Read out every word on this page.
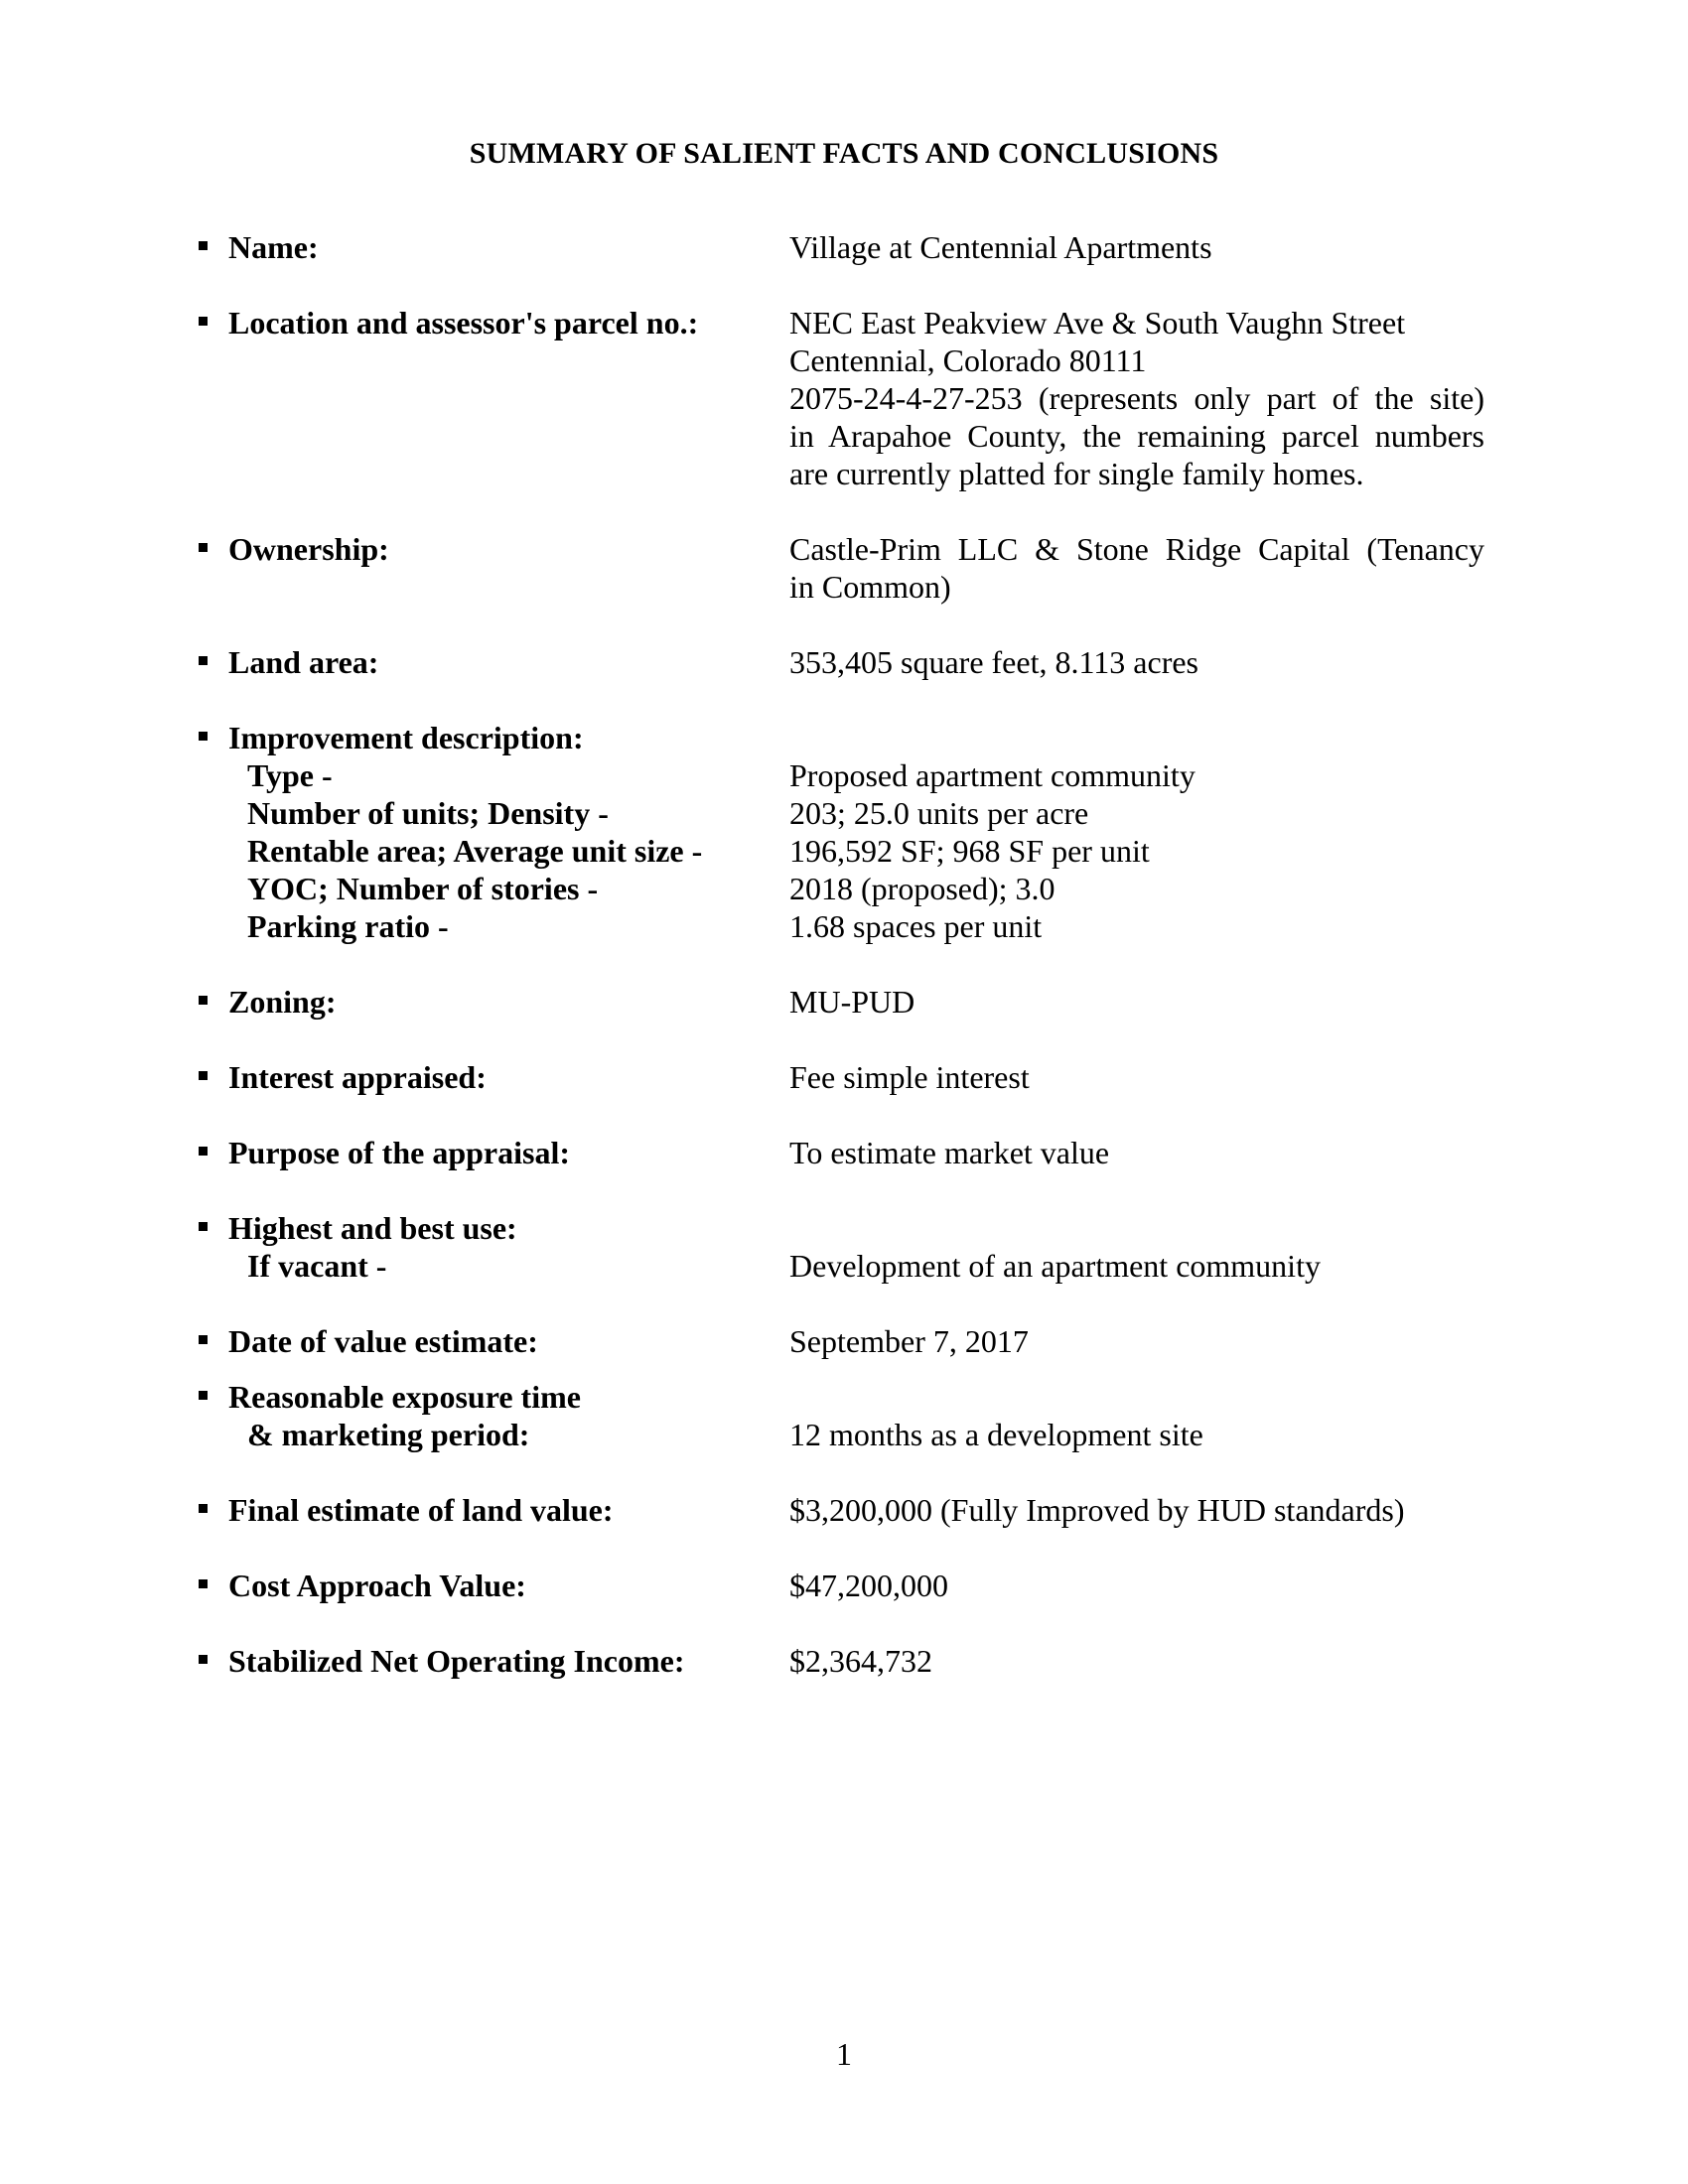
SUMMARY OF SALIENT FACTS AND CONCLUSIONS
Name:	Village at Centennial Apartments
Location and assessor's parcel no.:	NEC East Peakview Ave & South Vaughn Street
Centennial, Colorado 80111
2075-24-4-27-253 (represents only part of the site)
in Arapahoe County, the remaining parcel numbers
are currently platted for single family homes.
Ownership:	Castle-Prim LLC & Stone Ridge Capital (Tenancy
in Common)
Land area:	353,405 square feet, 8.113 acres
Improvement description:
Type -	Proposed apartment community
Number of units; Density -	203; 25.0 units per acre
Rentable area; Average unit size -	196,592 SF; 968 SF per unit
YOC; Number of stories -	2018 (proposed); 3.0
Parking ratio -	1.68 spaces per unit
Zoning:	MU-PUD
Interest appraised:	Fee simple interest
Purpose of the appraisal:	To estimate market value
Highest and best use:
If vacant -	Development of an apartment community
Date of value estimate:	September 7, 2017
Reasonable exposure time
& marketing period:	12 months as a development site
Final estimate of land value:	$3,200,000 (Fully Improved by HUD standards)
Cost Approach Value:	$47,200,000
Stabilized Net Operating Income:	$2,364,732
1
